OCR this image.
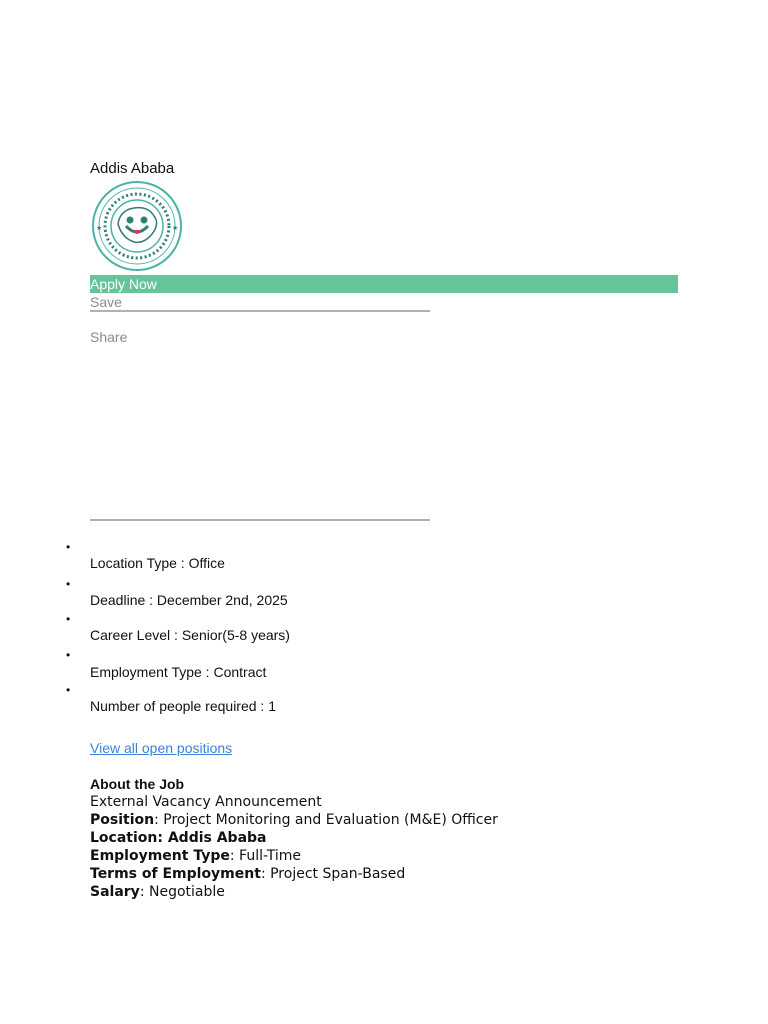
Addis Ababa
★	★
Apply Now
Save
Share
•
•
•
•
•
Location Type : Office
Deadline : December 2nd, 2025
Career Level : Senior(5-8 years)
Employment Type : Contract
Number of people required : 1
View all open positions
About the Job
External Vacancy Announcement
Position: Project Monitoring and Evaluation (M&E) Officer
Location: Addis Ababa
Employment Type: Full-Time
Terms of Employment: Project Span-Based
Salary: Negotiable
